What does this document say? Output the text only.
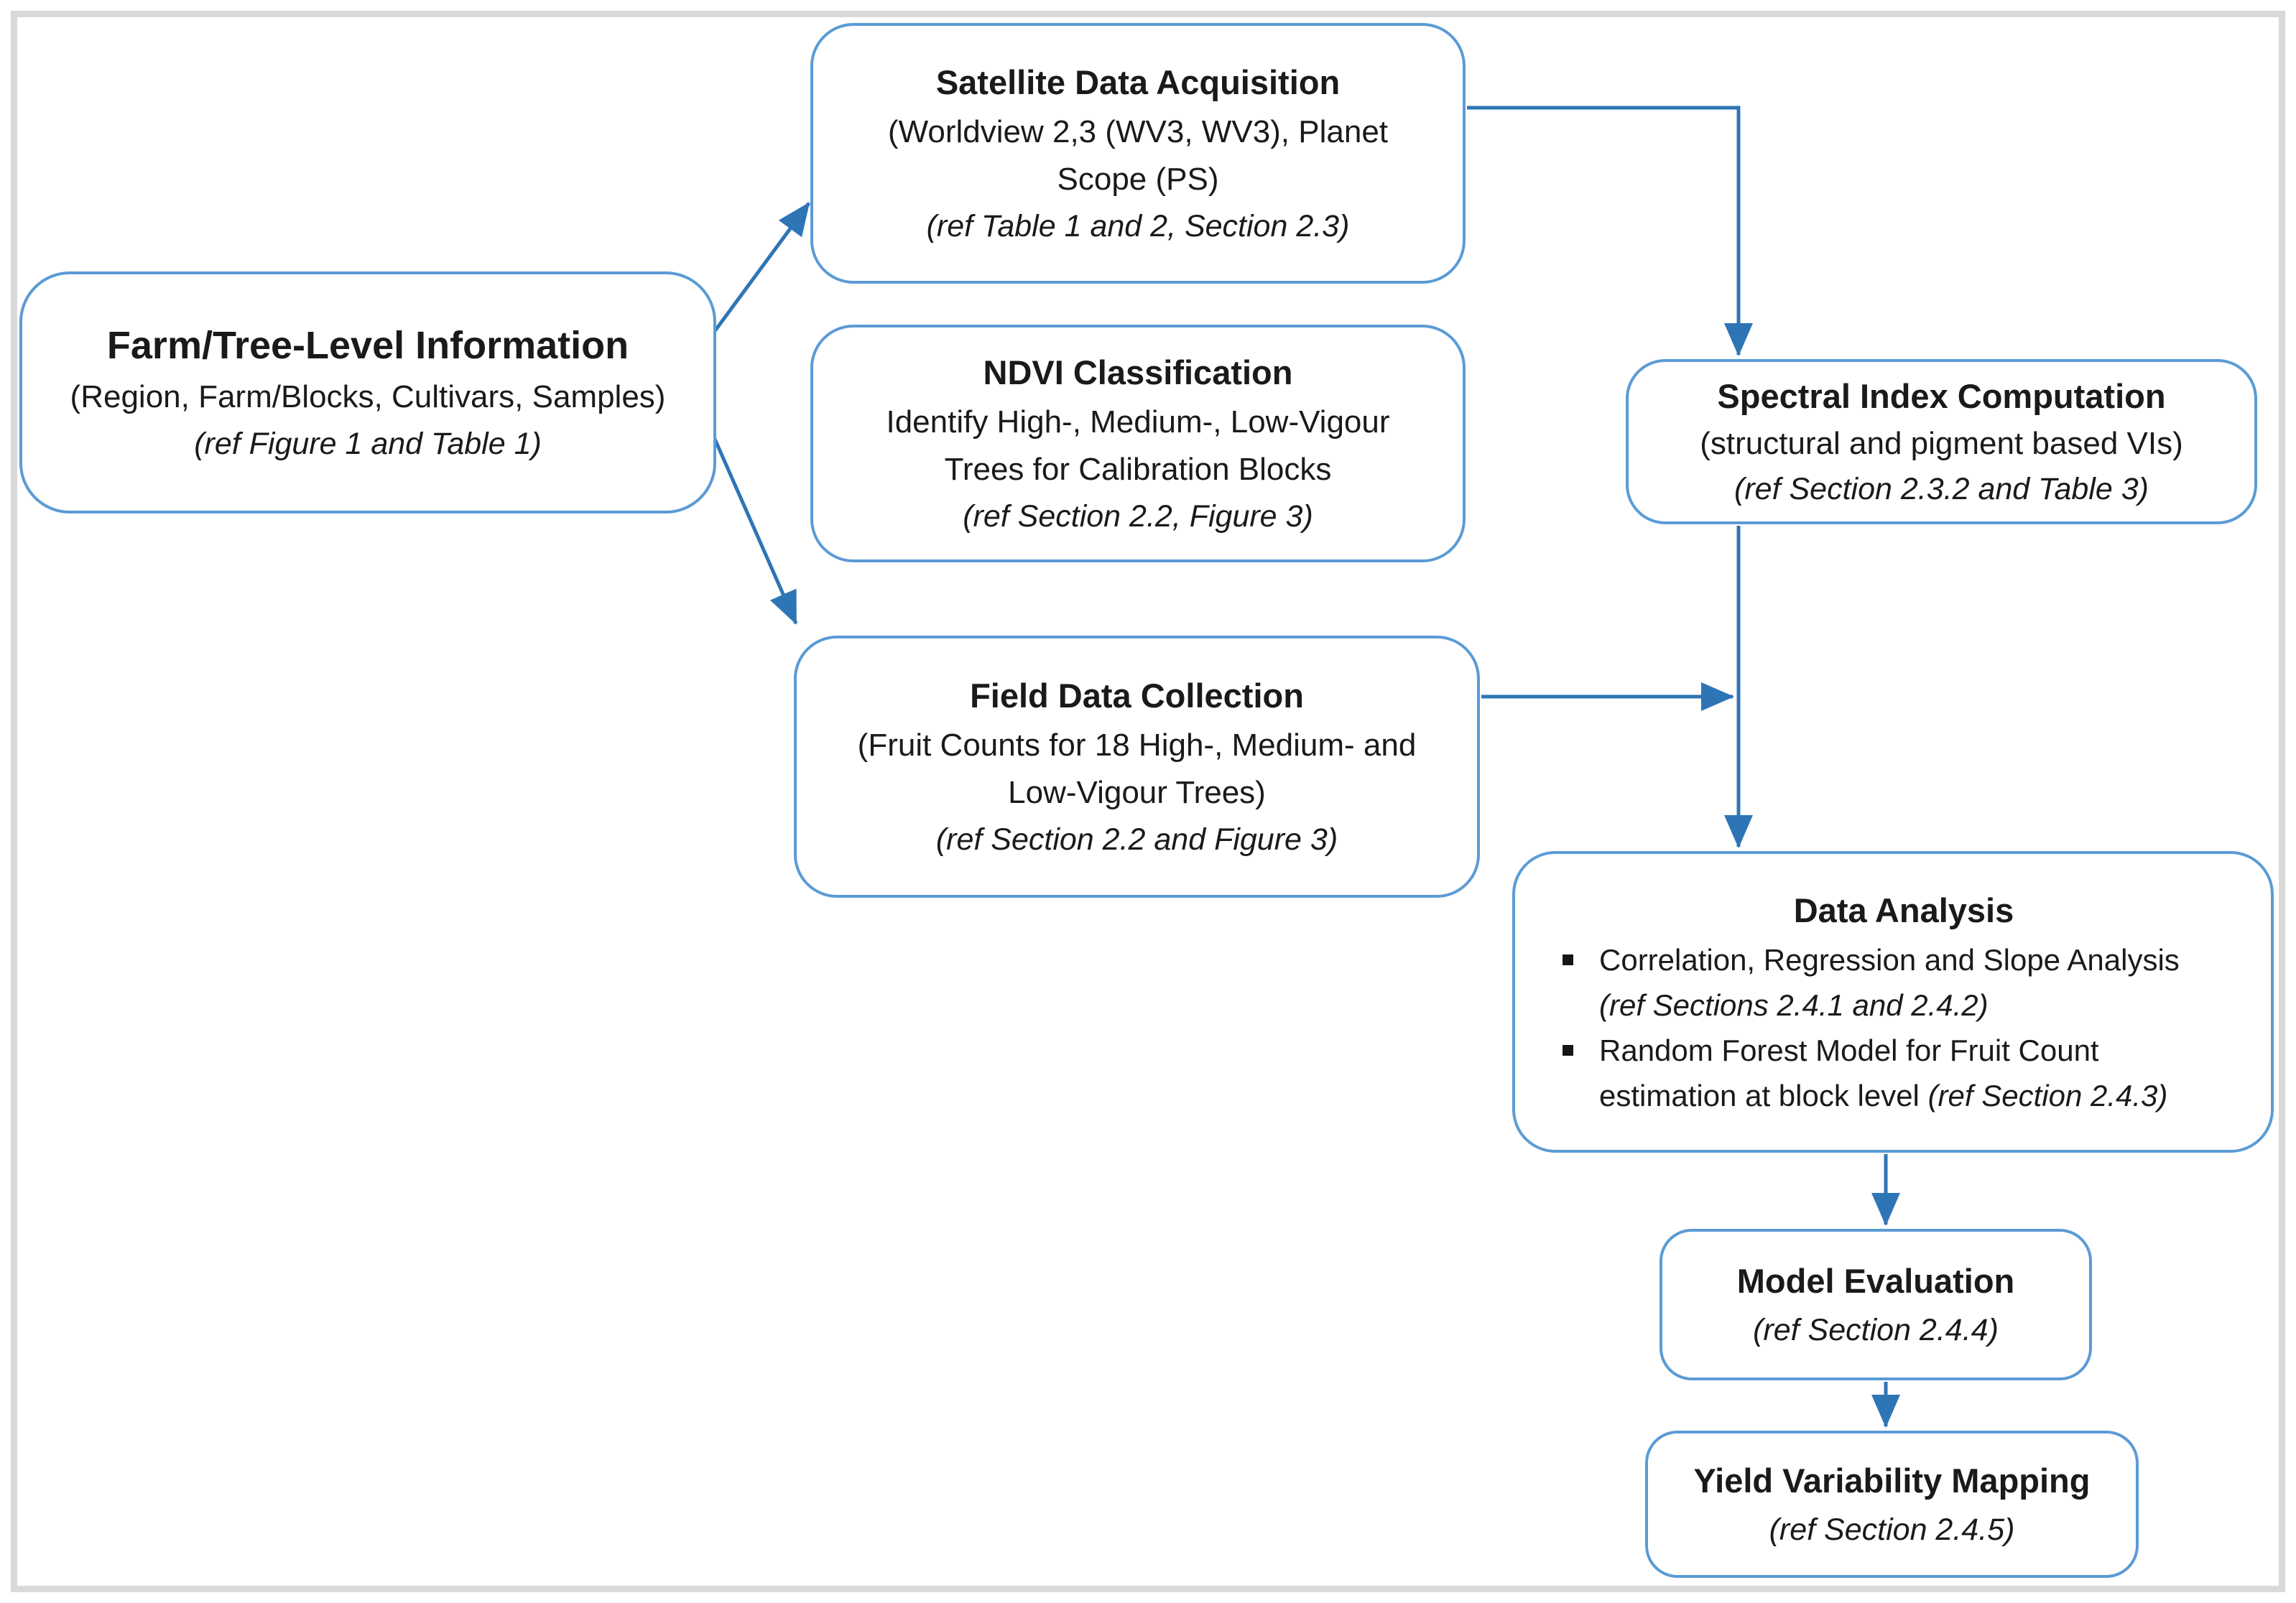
Farm/Tree-Level Information
(Region, Farm/Blocks, Cultivars, Samples)
(ref Figure 1 and Table 1)
Satellite Data Acquisition
(Worldview 2,3 (WV3, WV3), Planet
Scope (PS)
(ref Table 1 and 2, Section 2.3)
NDVI Classification
Identify High-, Medium-, Low-Vigour
Trees for Calibration Blocks
(ref Section 2.2, Figure 3)
Spectral Index Computation
(structural and pigment based VIs)
(ref Section 2.3.2 and Table 3)
Field Data Collection
(Fruit Counts for 18 High-, Medium- and
Low-Vigour Trees)
(ref Section 2.2 and Figure 3)
Data Analysis
Correlation, Regression and Slope Analysis
(ref Sections 2.4.1 and 2.4.2)
Random Forest Model for Fruit Count
estimation at block level (ref Section 2.4.3)
Model Evaluation
(ref Section 2.4.4)
Yield Variability Mapping
(ref Section 2.4.5)
